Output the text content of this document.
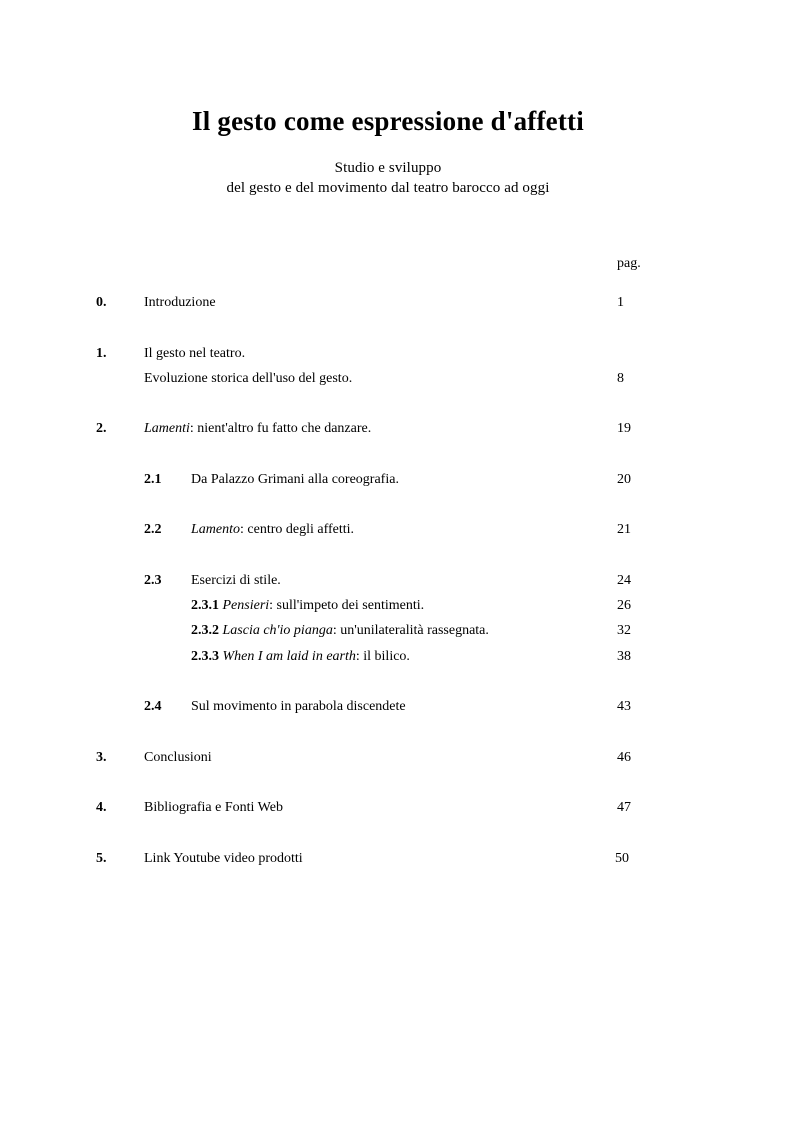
Il gesto come espressione d'affetti
Studio e sviluppo
del gesto e del movimento dal teatro barocco ad oggi
pag.
0.	Introduzione	1
1.	Il gesto nel teatro.
Evoluzione storica dell'uso del gesto.	8
2.	Lamenti: nient'altro fu fatto che danzare.	19
2.1 Da Palazzo Grimani alla coreografia.	20
2.2 Lamento: centro degli affetti.	21
2.3 Esercizi di stile.	24
2.3.1 Pensieri: sull'impeto dei sentimenti.	26
2.3.2 Lascia ch'io pianga: un'unilateralità rassegnata.	32
2.3.3 When I am laid in earth: il bilico.	38
2.4 Sul movimento in parabola discendete	43
3.	Conclusioni	46
4.	Bibliografia e Fonti Web	47
5.	Link Youtube video prodotti	50
